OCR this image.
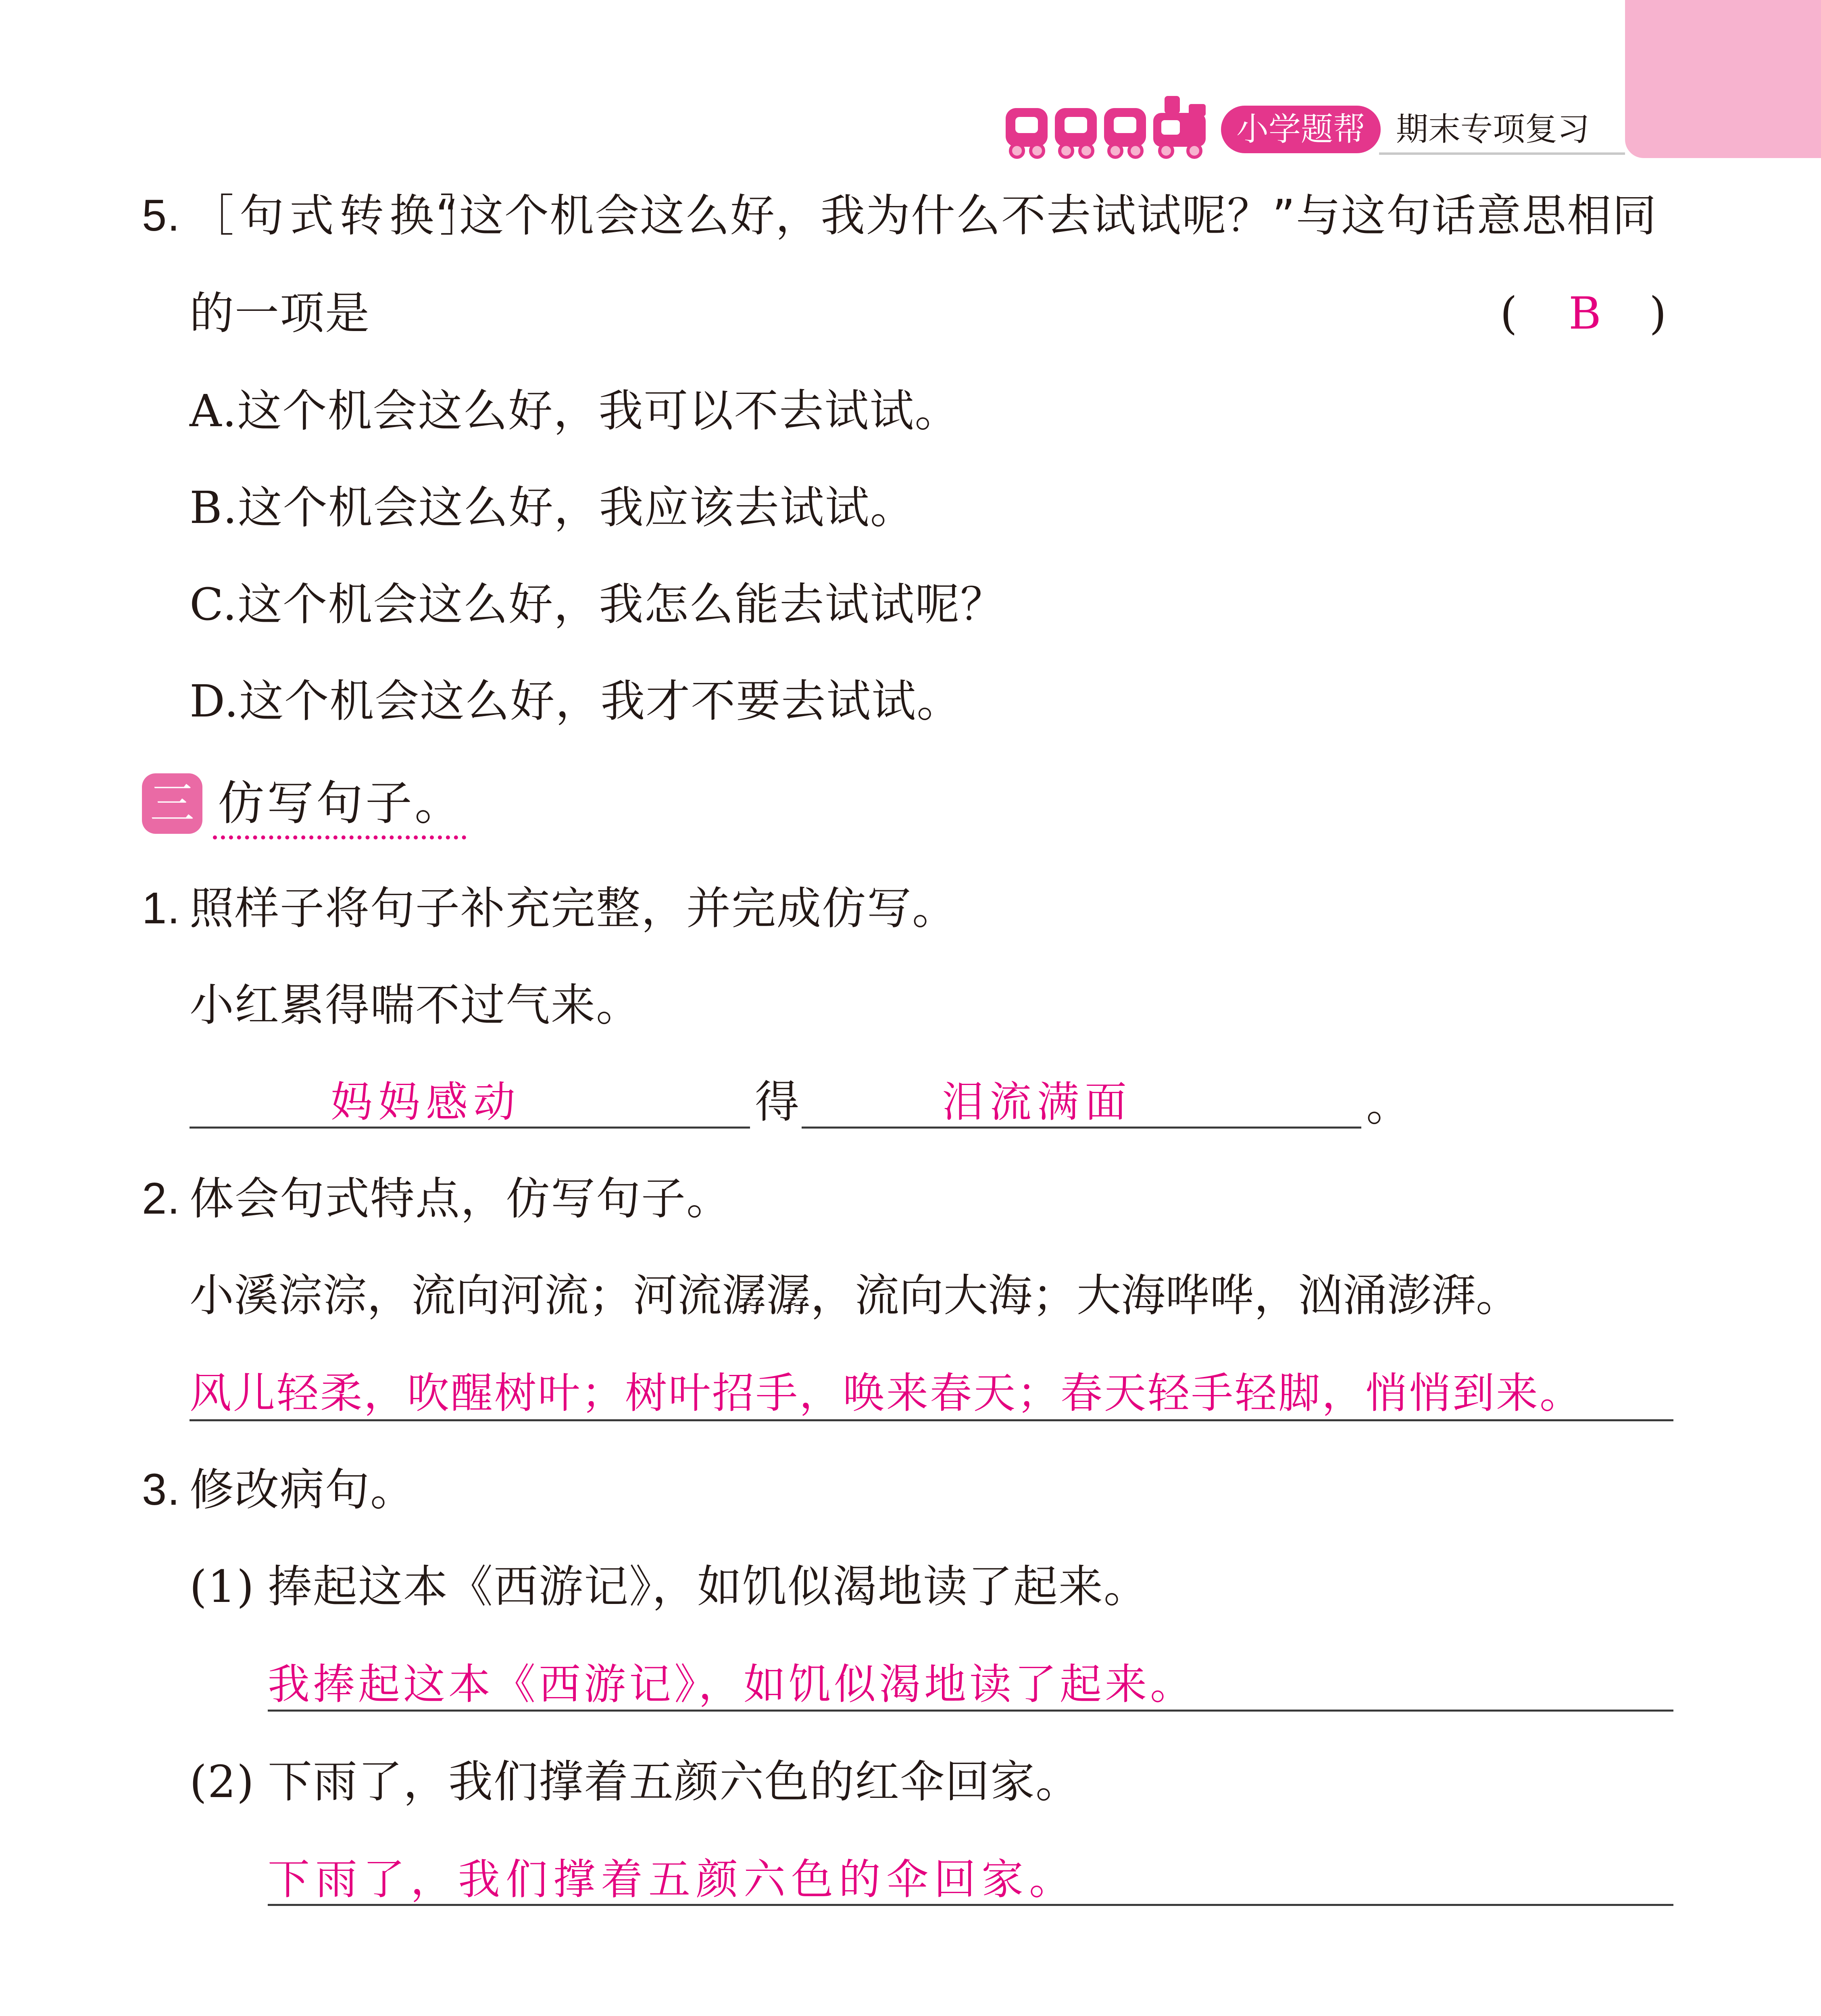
小学题帮 期末专项复习
5. ［句式转换］
“这个机会这么好，我为什么不去试试呢？”与这句话意思相同
的一项是	( B )
A.这个机会这么好，我可以不去试试。
B.这个机会这么好，我应该去试试。
C.这个机会这么好，我怎么能去试试呢？
D.这个机会这么好，我才不要去试试。
三 仿写句子。
1. 照样子将句子补充完整，并完成仿写。
小红累得喘不过气来。
妈妈感动	得	泪流满面	。
2. 体会句式特点，仿写句子。
小溪淙淙，流向河流；河流潺潺，流向大海；大海哗哗，汹涌澎湃。
风儿轻柔，吹醒树叶；树叶招手，唤来春天；春天轻手轻脚，悄悄到来。
3. 修改病句。
(1) 捧起这本《西游记》，如饥似渴地读了起来。
我捧起这本《西游记》，如饥似渴地读了起来。
(2) 下雨了，我们撑着五颜六色的红伞回家。
下雨了，我们撑着五颜六色的伞回家。
